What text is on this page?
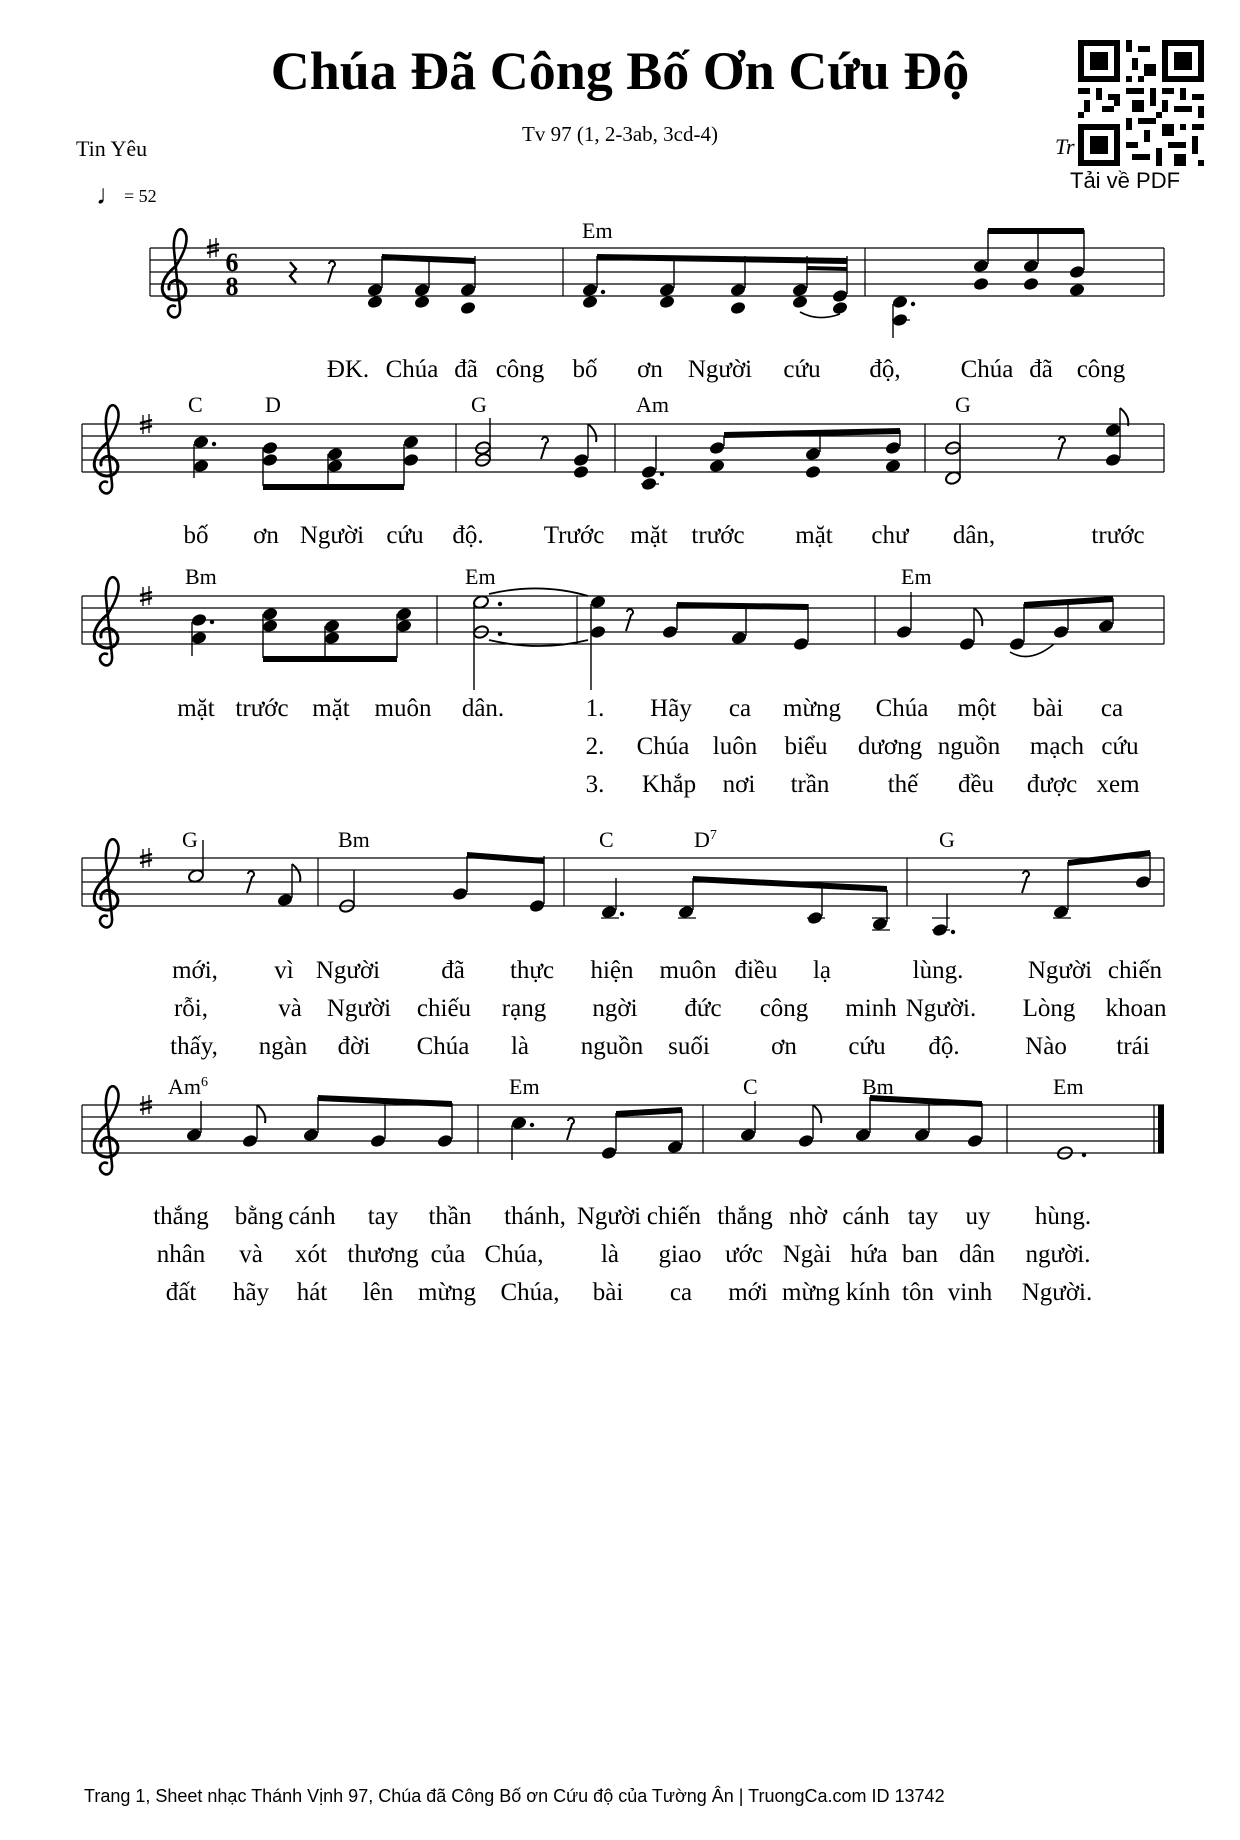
Chúa Đã Công Bố Ơn Cứu Độ
Tv 97 (1, 2-3ab, 3cd-4)
Tin Yêu	Tr
Tải về PDF
♩= 52
6
8
Em
C	D	G	Am	G
Bm	Em	Em
G	Bm	C	$D^7$	G
Am$^6$	Em	C	Bm	Em
ĐK. Chúa đã công bố ơn Người cứu độ, Chúa đã công
bố ơn Người cứu độ. Trước mặt trước mặt chư dân,	trước
mặt trước mặt muôn dân.	1. Hãy ca mừng Chúa một bài ca
2. Chúa luôn biểu dương nguồn mạch cứu
3. Khắp nơi trần thế đều được xem
mới, vì Người đã thực hiện muôn điều lạ	lùng.	Người chiến
rỗi,	và Người chiếu rạng ngời đức công minh Người. Lòng khoan
thấy, ngàn đời Chúa là nguồn suối ơn cứu độ.	Nào trái
thắng bằng cánh tay thần thánh, Người chiến thắng nhờ cánh tay uy hùng.
nhân và xót thương của Chúa, là giao ước Ngài hứa ban dân người.
đất hãy hát lên mừng Chúa, bài ca mới mừng kính tôn vinh Người.
Trang 1, Sheet nhạc Thánh Vịnh 97, Chúa đã Công Bố ơn Cứu độ của Tường Ân | TruongCa.com ID 13742
